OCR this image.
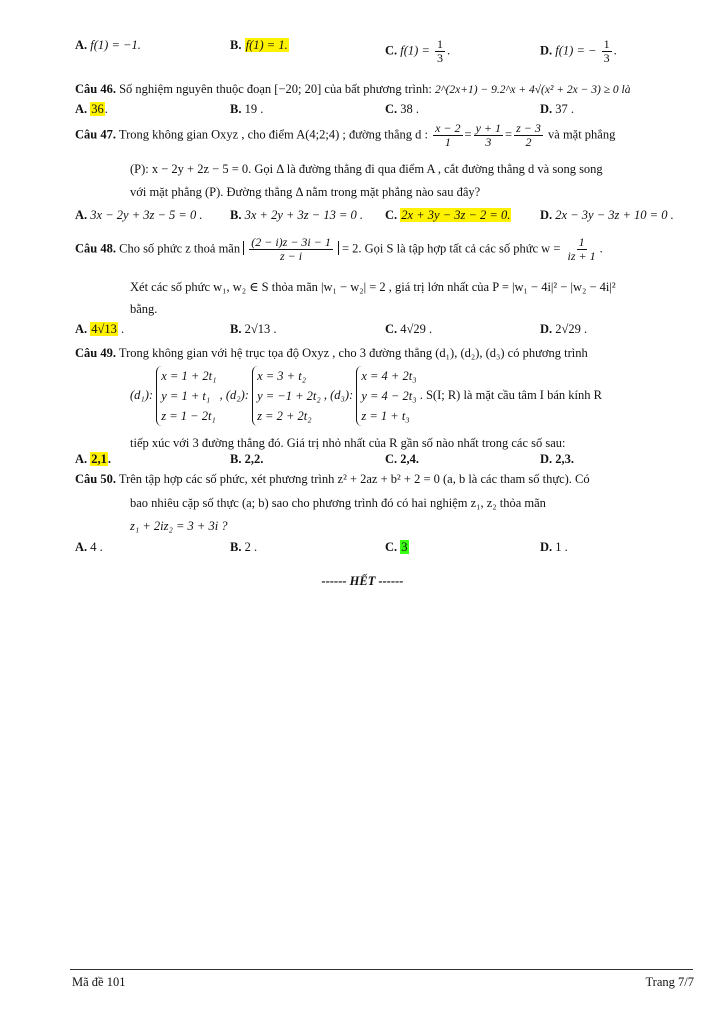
A. f(1) = −1.	B. f(1) = 1.	C. $f(1) = \frac{1}{3}$ .	D. f(1) = − $\frac{1}{3}$ .
Câu 46. Số nghiệm nguyên thuộc đoạn [−20; 20] của bất phương trình: 2^(2x+1) − 9.2^x + 4√(x² + 2x − 3) ≥ 0 là
A. 36.	B. 19 .	C. 38 .	D. 37 .
Câu 47. Trong không gian Oxyz , cho điểm A(4;2;4) ; đường thẳng d : $\frac{x - 2}{1} = \frac{y + 1}{3} = \frac{z - 3}{2}$ và mặt phẳng
(P): x − 2y + 2z − 5 = 0. Gọi Δ là đường thẳng đi qua điểm A , cắt đường thẳng d và song song
với mặt phẳng (P). Đường thẳng Δ nằm trong mặt phẳng nào sau đây?
A. 3x − 2y + 3z − 5 = 0 . B. 3x + 2y + 3z − 13 = 0 . C. 2x + 3y − 3z − 2 = 0. D. 2x − 3y − 3z + 10 = 0 .
Câu 48. Cho số phức z thoả mãn $\frac{(2 - i)z - 3i - 1}{z - i} = 2$. Gọi S là tập hợp tất cả các số phức $w = \frac{1}{iz + 1}$ .
Xét các số phức w₁, w₂ ∈ S thỏa mãn |w₁ − w₂| = 2 , giá trị lớn nhất của P = |w₁ − 4i|² − |w₂ − 4i|²
bằng.
A. 4√13 .	B. 2√13 .	C. 4√29 .	D. 2√29 .
Câu 49. Trong không gian với hệ trục tọa độ Oxyz , cho 3 đường thẳng (d₁), (d₂), (d₃) có phương trình
(d₁):
x = 1 + 2t₁
y = 1 + t₁
z = 1 − 2t₁
, (d₂):
x = 3 + t₂
y = −1 + 2t₂
z = 2 + 2t₂
, (d₃):
x = 4 + 2t₃
y = 4 − 2t₃
z = 1 + t₃
. S(I; R) là mặt cầu tâm I bán kính R
tiếp xúc với 3 đường thẳng đó. Giá trị nhỏ nhất của R gần số nào nhất trong các số sau:
A. 2,1.	B. 2,2.	C. 2,4.	D. 2,3.
Câu 50. Trên tập hợp các số phức, xét phương trình z² + 2az + b² + 2 = 0 (a, b là các tham số thực). Có
bao nhiêu cặp số thực (a; b) sao cho phương trình đó có hai nghiệm z₁, z₂ thỏa mãn
z₁ + 2iz₂ = 3 + 3i ?
A. 4 .	B. 2 .	C. 3	D. 1 .
------ HẾT ------
Mã đề 101	Trang 7/7
